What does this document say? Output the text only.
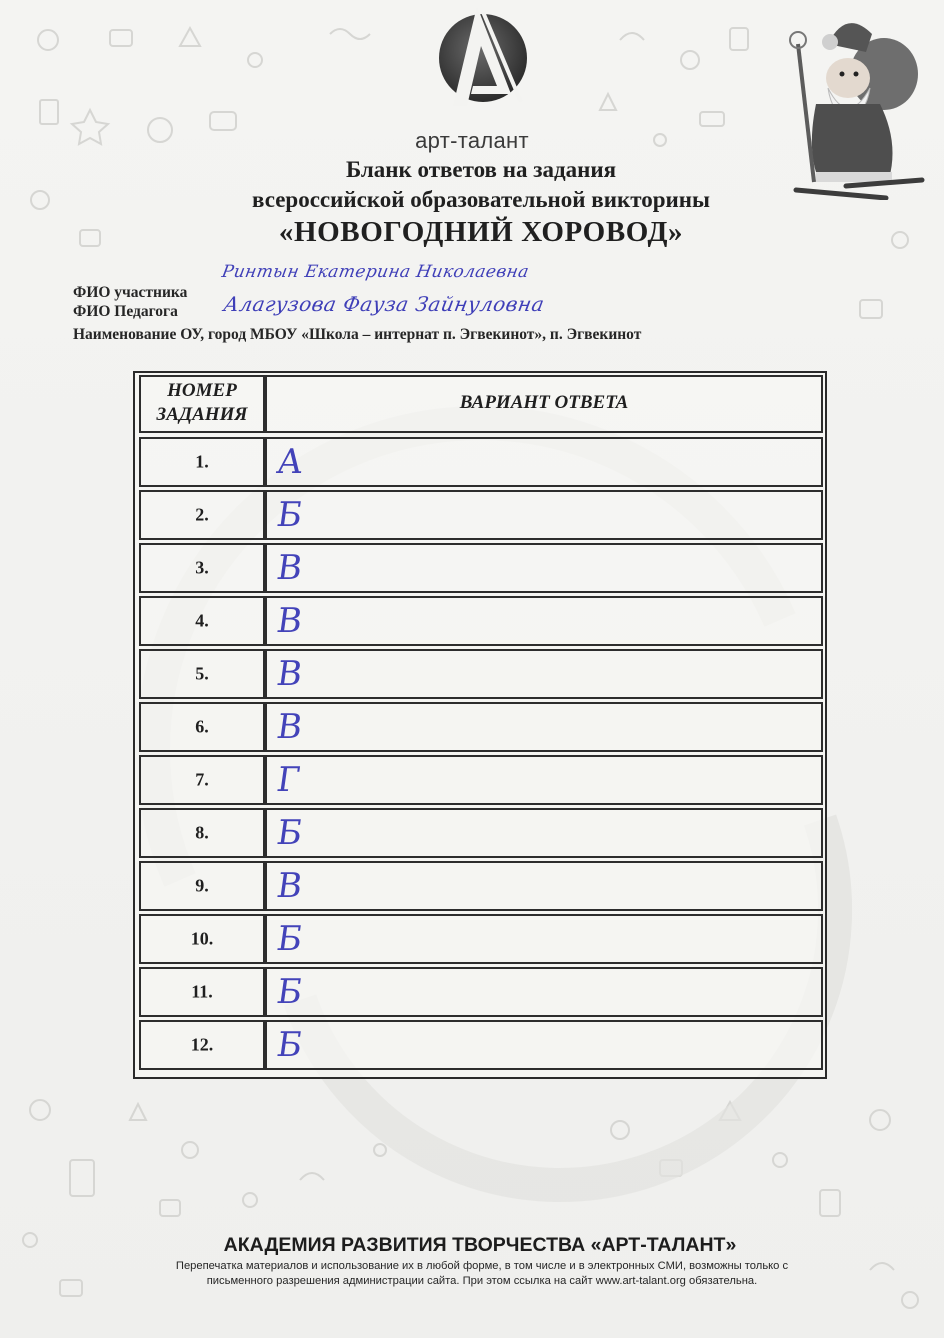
арт-талант
Бланк ответов на задания
всероссийской образовательной викторины
«НОВОГОДНИЙ ХОРОВОД»
ФИО участника
Ринтын Екатерина Николаевна
ФИО Педагога Алагузова Фауза Зайнуловна
Наименование ОУ, город МБОУ «Школа – интернат п. Эгвекинот», п. Эгвекинот
НОМЕР
ЗАДАНИЯ
ВАРИАНТ ОТВЕТА
1.	А
2.	Б
3.	В
4.	В
5.	В
6.	В
7.	Г
8.	Б
9.	В
10.	Б
11.	Б
12.	Б
АКАДЕМИЯ РАЗВИТИЯ ТВОРЧЕСТВА «АРТ-ТАЛАНТ»
Перепечатка материалов и использование их в любой форме, в том числе и в электронных СМИ, возможны только с
письменного разрешения администрации сайта. При этом ссылка на сайт www.art-talant.org обязательна.
